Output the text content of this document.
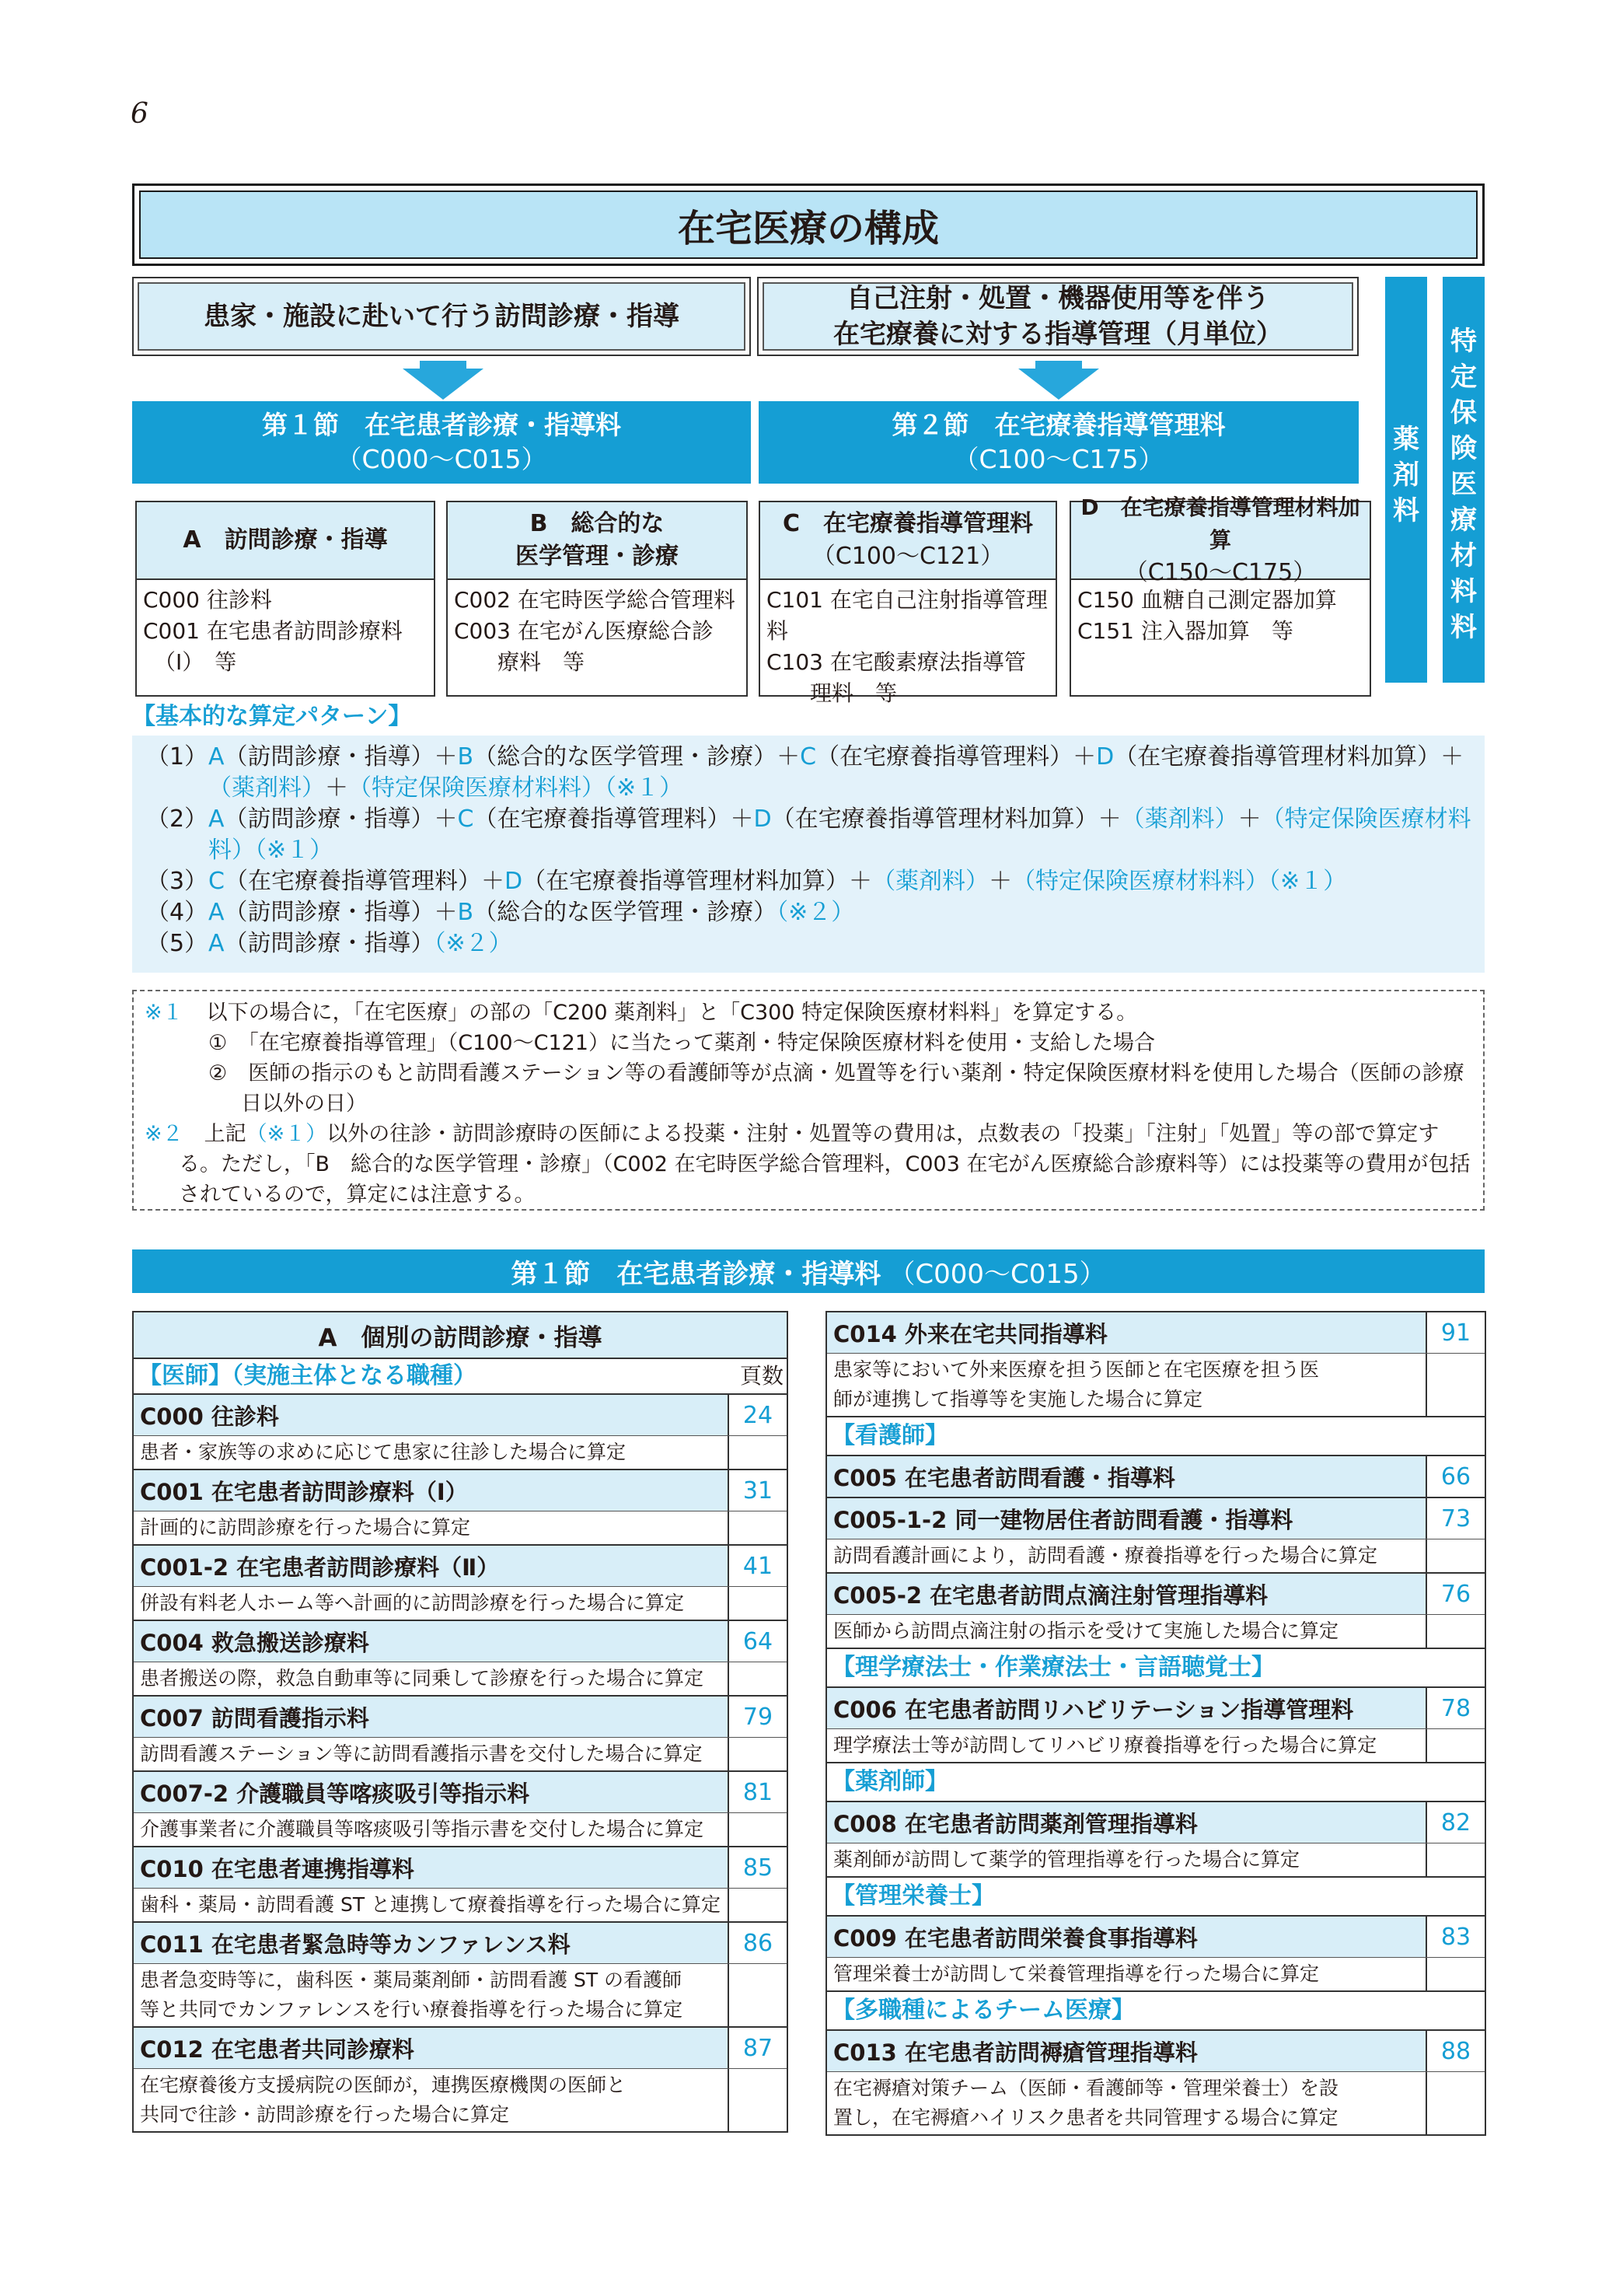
6
在宅医療の構成
患家・施設に赴いて行う訪問診療・指導
自己注射・処置・機器使用等を伴う
在宅療養に対する指導管理（月単位）
第１節　在宅患者診療・指導料
（C000～C015）
第２節　在宅療養指導管理料
（C100～C175）
薬
剤
料
特
定
保
険
医
療
材
料
料
A　訪問診療・指導
C000 往診料
C001 在宅患者訪問診療料
　（Ⅰ）　等
B　総合的な
医学管理・診療
C002 在宅時医学総合管理料
C003 在宅がん医療総合診
　　療料　等
C　在宅療養指導管理料
（C100～C121）
C101 在宅自己注射指導管理料
C103 在宅酸素療法指導管
　　理料　等
D　在宅療養指導管理材料加算
（C150～C175）
C150 血糖自己測定器加算
C151 注入器加算　等
【基本的な算定パターン】
（1） A（訪問診療・指導）＋B（総合的な医学管理・診療）＋C（在宅療養指導管理料）＋D（在宅療養指導管理材料加算）＋（薬剤料）＋（特定保険医療材料料）（※１）
（2） A（訪問診療・指導）＋C（在宅療養指導管理料）＋D（在宅療養指導管理材料加算）＋（薬剤料）＋（特定保険医療材料料）（※１）
（3） C（在宅療養指導管理料）＋D（在宅療養指導管理材料加算）＋（薬剤料）＋（特定保険医療材料料）（※１）
（4） A（訪問診療・指導）＋B（総合的な医学管理・診療）（※２）
（5） A（訪問診療・指導）（※２）
※１ 以下の場合に，「在宅医療」の部の「C200 薬剤料」と「C300 特定保険医療材料料」を算定する。
①　「在宅療養指導管理」（C100～C121）に当たって薬剤・特定保険医療材料を使用・支給した場合
②　医師の指示のもと訪問看護ステーション等の看護師等が点滴・処置等を行い薬剤・特定保険医療材料を使用した場合（医師の診療日以外の日）
※２　 上記（※１）以外の往診・訪問診療時の医師による投薬・注射・処置等の費用は，点数表の「投薬」「注射」「処置」等の部で算定する。ただし，「B　総合的な医学管理・診療」（C002 在宅時医学総合管理料，C003 在宅がん医療総合診療料等）には投薬等の費用が包括されているので，算定には注意する。
第１節　在宅患者診療・指導料 （C000～C015）
A　個別の訪問診療・指導
【医師】（実施主体となる職種）	頁数
C000 往診料	24
患者・家族等の求めに応じて患家に往診した場合に算定
C001 在宅患者訪問診療料（Ⅰ）	31
計画的に訪問診療を行った場合に算定
C001-2 在宅患者訪問診療料（Ⅱ）	41
併設有料老人ホーム等へ計画的に訪問診療を行った場合に算定
C004 救急搬送診療料	64
患者搬送の際，救急自動車等に同乗して診療を行った場合に算定
C007 訪問看護指示料	79
訪問看護ステーション等に訪問看護指示書を交付した場合に算定
C007-2 介護職員等喀痰吸引等指示料	81
介護事業者に介護職員等喀痰吸引等指示書を交付した場合に算定
C010 在宅患者連携指導料	85
歯科・薬局・訪問看護 ST と連携して療養指導を行った場合に算定
C011 在宅患者緊急時等カンファレンス料	86
患者急変時等に，歯科医・薬局薬剤師・訪問看護 ST の看護師
等と共同でカンファレンスを行い療養指導を行った場合に算定
C012 在宅患者共同診療料	87
在宅療養後方支援病院の医師が，連携医療機関の医師と
共同で往診・訪問診療を行った場合に算定
C014 外来在宅共同指導料	91
患家等において外来医療を担う医師と在宅医療を担う医
師が連携して指導等を実施した場合に算定
【看護師】
C005 在宅患者訪問看護・指導料	66
C005-1-2 同一建物居住者訪問看護・指導料	73
訪問看護計画により，訪問看護・療養指導を行った場合に算定
C005-2 在宅患者訪問点滴注射管理指導料	76
医師から訪問点滴注射の指示を受けて実施した場合に算定
【理学療法士・作業療法士・言語聴覚士】
C006 在宅患者訪問リハビリテーション指導管理料	78
理学療法士等が訪問してリハビリ療養指導を行った場合に算定
【薬剤師】
C008 在宅患者訪問薬剤管理指導料	82
薬剤師が訪問して薬学的管理指導を行った場合に算定
【管理栄養士】
C009 在宅患者訪問栄養食事指導料	83
管理栄養士が訪問して栄養管理指導を行った場合に算定
【多職種によるチーム医療】
C013 在宅患者訪問褥瘡管理指導料	88
在宅褥瘡対策チーム（医師・看護師等・管理栄養士）を設
置し，在宅褥瘡ハイリスク患者を共同管理する場合に算定
